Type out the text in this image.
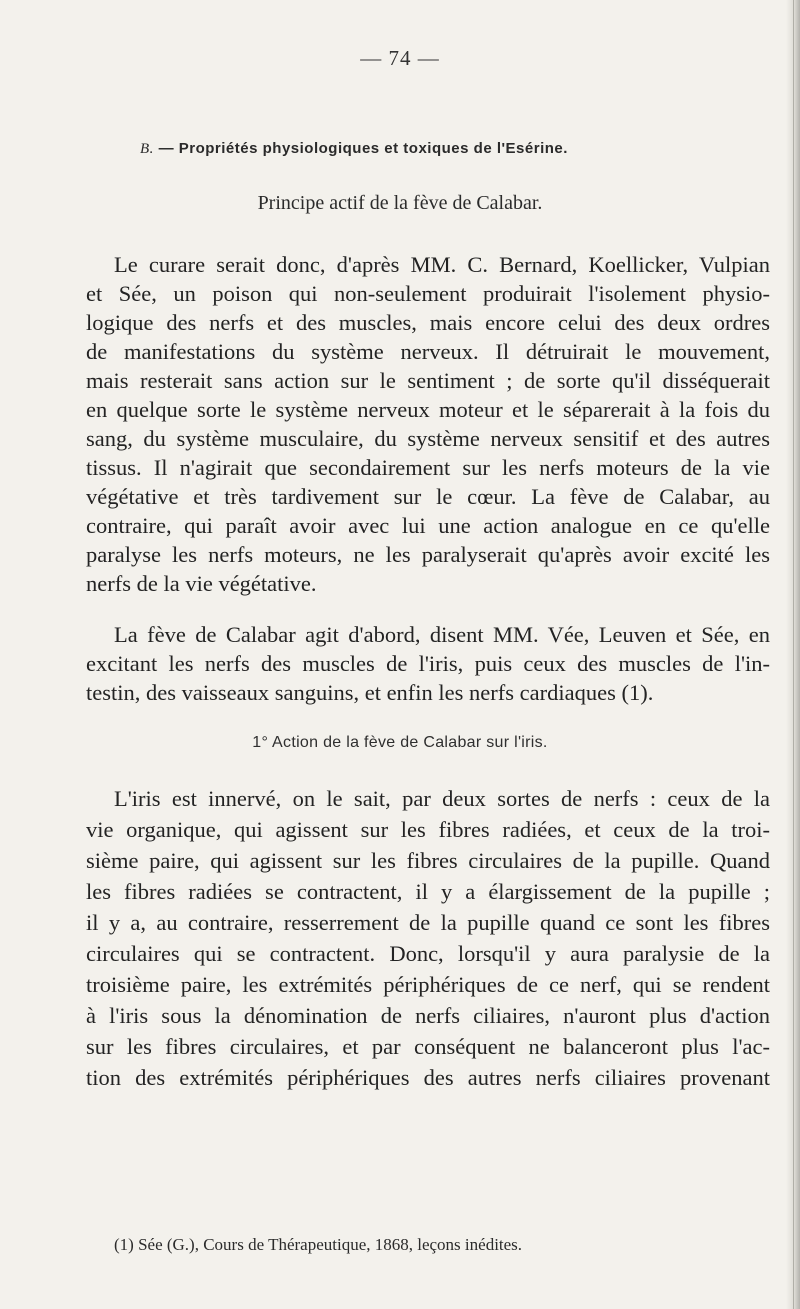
— 74 —
B. — Propriétés physiologiques et toxiques de l'Esérine.
Principe actif de la fève de Calabar.
Le curare serait donc, d'après MM. C. Bernard, Koellicker, Vulpian
et Sée, un poison qui non-seulement produirait l'isolement physio-
logique des nerfs et des muscles, mais encore celui des deux ordres
de manifestations du système nerveux. Il détruirait le mouvement,
mais resterait sans action sur le sentiment ; de sorte qu'il disséquerait
en quelque sorte le système nerveux moteur et le séparerait à la fois du
sang, du système musculaire, du système nerveux sensitif et des autres
tissus. Il n'agirait que secondairement sur les nerfs moteurs de la vie
végétative et très tardivement sur le cœur. La fève de Calabar, au
contraire, qui paraît avoir avec lui une action analogue en ce qu'elle
paralyse les nerfs moteurs, ne les paralyserait qu'après avoir excité les
nerfs de la vie végétative.
La fève de Calabar agit d'abord, disent MM. Vée, Leuven et Sée, en
excitant les nerfs des muscles de l'iris, puis ceux des muscles de l'in-
testin, des vaisseaux sanguins, et enfin les nerfs cardiaques (1).
1° Action de la fève de Calabar sur l'iris.
L'iris est innervé, on le sait, par deux sortes de nerfs : ceux de la
vie organique, qui agissent sur les fibres radiées, et ceux de la troi-
sième paire, qui agissent sur les fibres circulaires de la pupille. Quand
les fibres radiées se contractent, il y a élargissement de la pupille ;
il y a, au contraire, resserrement de la pupille quand ce sont les fibres
circulaires qui se contractent. Donc, lorsqu'il y aura paralysie de la
troisième paire, les extrémités périphériques de ce nerf, qui se rendent
à l'iris sous la dénomination de nerfs ciliaires, n'auront plus d'action
sur les fibres circulaires, et par conséquent ne balanceront plus l'ac-
tion des extrémités périphériques des autres nerfs ciliaires provenant
(1) Sée (G.), Cours de Thérapeutique, 1868, leçons inédites.
